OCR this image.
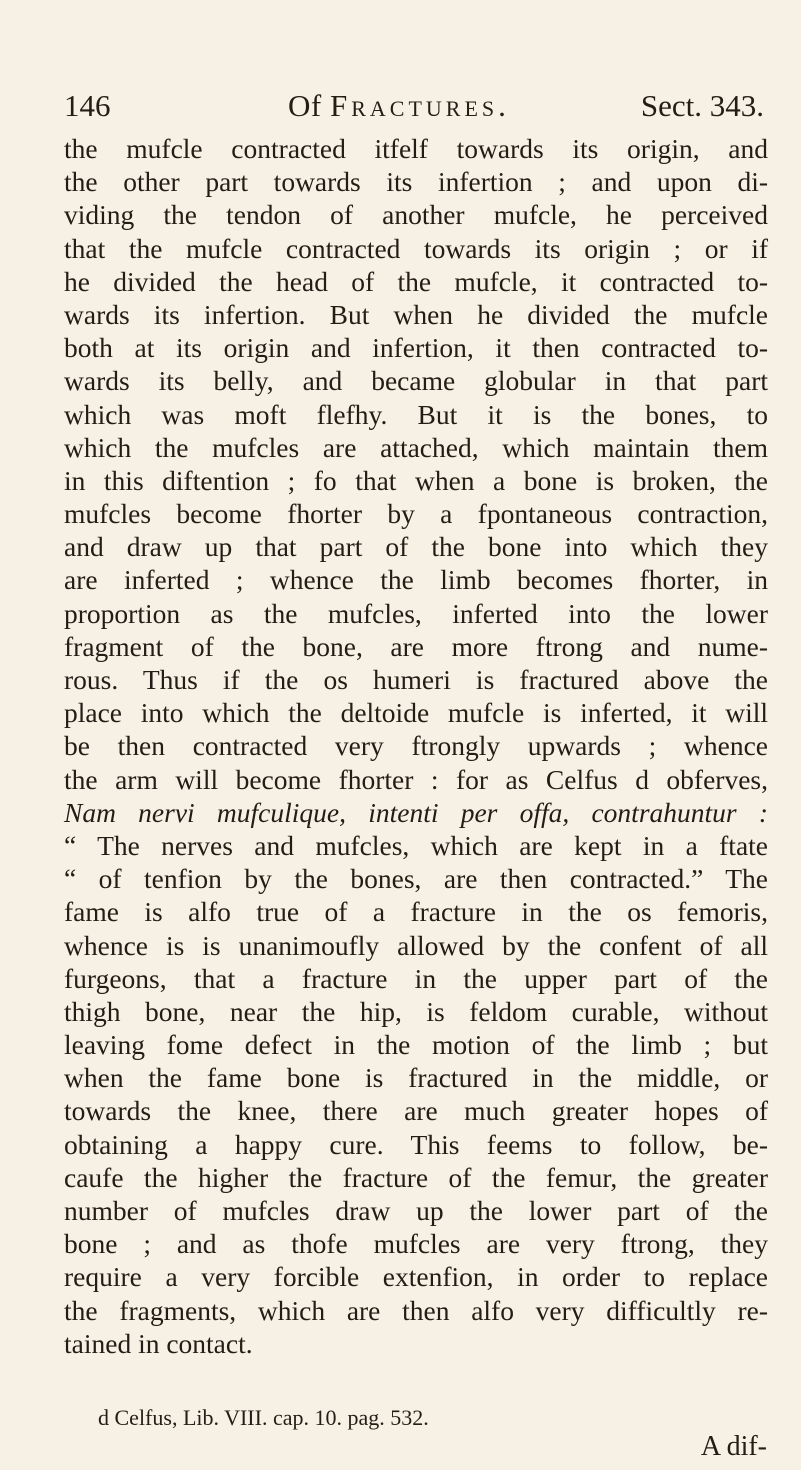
146	Of Fractures.	Sect. 343.
the mufcle contracted itfelf towards its origin, and
the other part towards its infertion ; and upon di-
viding the tendon of another mufcle, he perceived
that the mufcle contracted towards its origin ; or if
he divided the head of the mufcle, it contracted to-
wards its infertion. But when he divided the mufcle
both at its origin and infertion, it then contracted to-
wards its belly, and became globular in that part
which was moft flefhy. But it is the bones, to
which the mufcles are attached, which maintain them
in this diftention ; fo that when a bone is broken, the
mufcles become fhorter by a fpontaneous contraction,
and draw up that part of the bone into which they
are inferted ; whence the limb becomes fhorter, in
proportion as the mufcles, inferted into the lower
fragment of the bone, are more ftrong and nume-
rous. Thus if the os humeri is fractured above the
place into which the deltoide mufcle is inferted, it will
be then contracted very ftrongly upwards ; whence
the arm will become fhorter : for as Celfus d obferves,
Nam nervi mufculique, intenti per offa, contrahuntur :
“ The nerves and mufcles, which are kept in a ftate
“ of tenfion by the bones, are then contracted.” The
fame is alfo true of a fracture in the os femoris,
whence is is unanimoufly allowed by the confent of all
furgeons, that a fracture in the upper part of the
thigh bone, near the hip, is feldom curable, without
leaving fome defect in the motion of the limb ; but
when the fame bone is fractured in the middle, or
towards the knee, there are much greater hopes of
obtaining a happy cure. This feems to follow, be-
caufe the higher the fracture of the femur, the greater
number of mufcles draw up the lower part of the
bone ; and as thofe mufcles are very ftrong, they
require a very forcible extenfion, in order to replace
the fragments, which are then alfo very difficultly re-
tained in contact.
d Celfus, Lib. VIII. cap. 10. pag. 532.
A dif-
